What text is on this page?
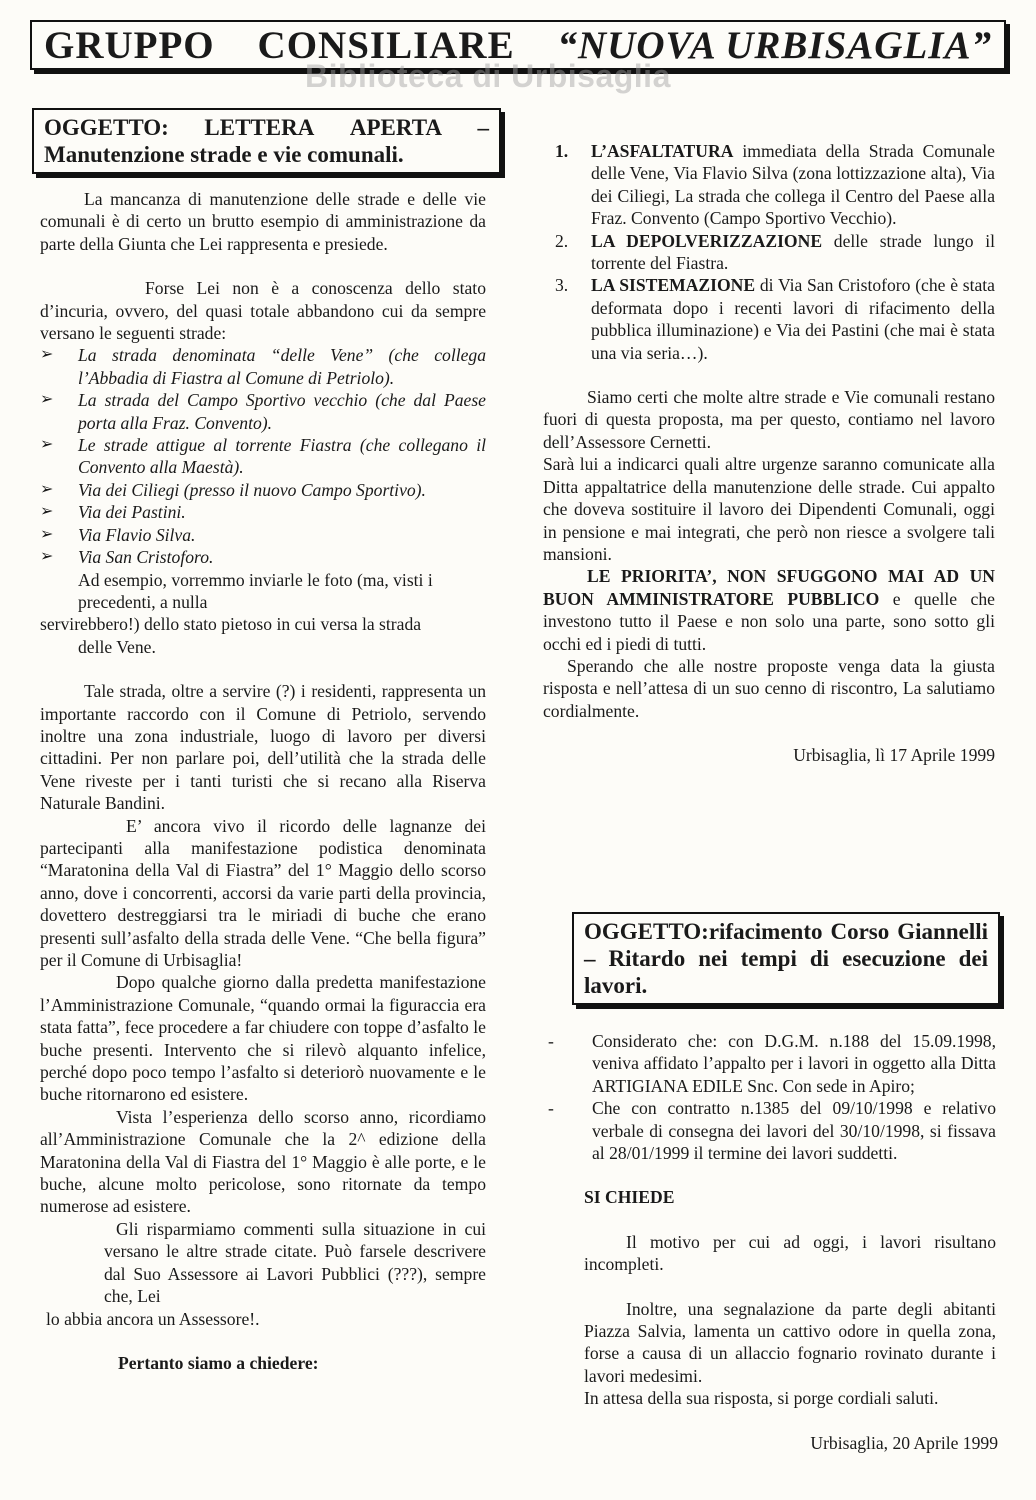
GRUPPO CONSILIARE “NUOVA URBISAGLIA”
Biblioteca di Urbisaglia
OGGETTO: LETTERA APERTA –
Manutenzione strade e vie comunali.

La mancanza di manutenzione delle strade e delle vie comunali è di certo un brutto esempio di amministrazione da parte della Giunta che Lei rappresenta e presiede.

Forse Lei non è a conoscenza dello stato d’incuria, ovvero, del quasi totale abbandono cui da sempre versano le seguenti strade:

➢ La strada denominata “delle Vene” (che collega l’Abbadia di Fiastra al Comune di Petriolo).
➢ La strada del Campo Sportivo vecchio (che dal Paese porta alla Fraz. Convento).
➢ Le strade attigue al torrente Fiastra (che collegano il Convento alla Maestà).
➢ Via dei Ciliegi (presso il nuovo Campo Sportivo).
➢ Via dei Pastini.
➢ Via Flavio Silva.
➢ Via San Cristoforo.

Ad esempio, vorremmo inviarle le foto (ma, visti i precedenti, a nulla

servirebbero!) dello stato pietoso in cui versa la strada

delle Vene.

Tale strada, oltre a servire (?) i residenti, rappresenta un importante raccordo con il Comune di Petriolo, servendo inoltre una zona industriale, luogo di lavoro per diversi cittadini. Per non parlare poi, dell’utilità che la strada delle Vene riveste per i tanti turisti che si recano alla Riserva Naturale Bandini.

E’ ancora vivo il ricordo delle lagnanze dei partecipanti alla manifestazione podistica denominata “Maratonina della Val di Fiastra” del 1° Maggio dello scorso anno, dove i concorrenti, accorsi da varie parti della provincia, dovettero destreggiarsi tra le miriadi di buche che erano presenti sull’asfalto della strada delle Vene. “Che bella figura” per il Comune di Urbisaglia!

Dopo qualche giorno dalla predetta manifestazione l’Amministrazione Comunale, “quando ormai la figuraccia era stata fatta”, fece procedere a far chiudere con toppe d’asfalto le buche presenti. Intervento che si rilevò alquanto infelice, perché dopo poco tempo l’asfalto si deteriorò nuovamente e le buche ritornarono ed esistere.

Vista l’esperienza dello scorso anno, ricordiamo all’Amministrazione Comunale che la 2^ edizione della Maratonina della Val di Fiastra del 1° Maggio è alle porte, e le buche, alcune molto pericolose, sono ritornate da tempo numerose ad esistere.

Gli risparmiamo commenti sulla situazione in cui versano le altre strade citate. Può farsele descrivere dal Suo Assessore ai Lavori Pubblici (???), sempre che, Lei

lo abbia ancora un Assessore!.

Pertanto siamo a chiedere:

1. L’ASFALTATURA immediata della Strada Comunale delle Vene, Via Flavio Silva (zona lottizzazione alta), Via dei Ciliegi, La strada che collega il Centro del Paese alla Fraz. Convento (Campo Sportivo Vecchio).
2. LA DEPOLVERIZZAZIONE delle strade lungo il torrente del Fiastra.
3. LA SISTEMAZIONE di Via San Cristoforo (che è stata deformata dopo i recenti lavori di rifacimento della pubblica illuminazione) e Via dei Pastini (che mai è stata una via seria…).

Siamo certi che molte altre strade e Vie comunali restano fuori di questa proposta, ma per questo, contiamo nel lavoro dell’Assessore Cernetti.

Sarà lui a indicarci quali altre urgenze saranno comunicate alla Ditta appaltatrice della manutenzione delle strade. Cui appalto che doveva sostituire il lavoro dei Dipendenti Comunali, oggi in pensione e mai integrati, che però non riesce a svolgere tali mansioni.

LE PRIORITA’, NON SFUGGONO MAI AD UN BUON AMMINISTRATORE PUBBLICO e quelle che investono tutto il Paese e non solo una parte, sono sotto gli occhi ed i piedi di tutti.

Sperando che alle nostre proposte venga data la giusta risposta e nell’attesa di un suo cenno di riscontro, La salutiamo cordialmente.

Urbisaglia, lì 17 Aprile 1999

OGGETTO:rifacimento Corso Giannelli – Ritardo nei tempi di esecuzione dei lavori.
- Considerato che: con D.G.M. n.188 del 15.09.1998, veniva affidato l’appalto per i lavori in oggetto alla Ditta ARTIGIANA EDILE Snc. Con sede in Apiro;
- Che con contratto n.1385 del 09/10/1998 e relativo verbale di consegna dei lavori del 30/10/1998, si fissava al 28/01/1999 il termine dei lavori suddetti.

SI CHIEDE

Il motivo per cui ad oggi, i lavori risultano incompleti.

Inoltre, una segnalazione da parte degli abitanti Piazza Salvia, lamenta un cattivo odore in quella zona, forse a causa di un allaccio fognario rovinato durante i lavori medesimi.

In attesa della sua risposta, si porge cordiali saluti.

Urbisaglia, 20 Aprile 1999
